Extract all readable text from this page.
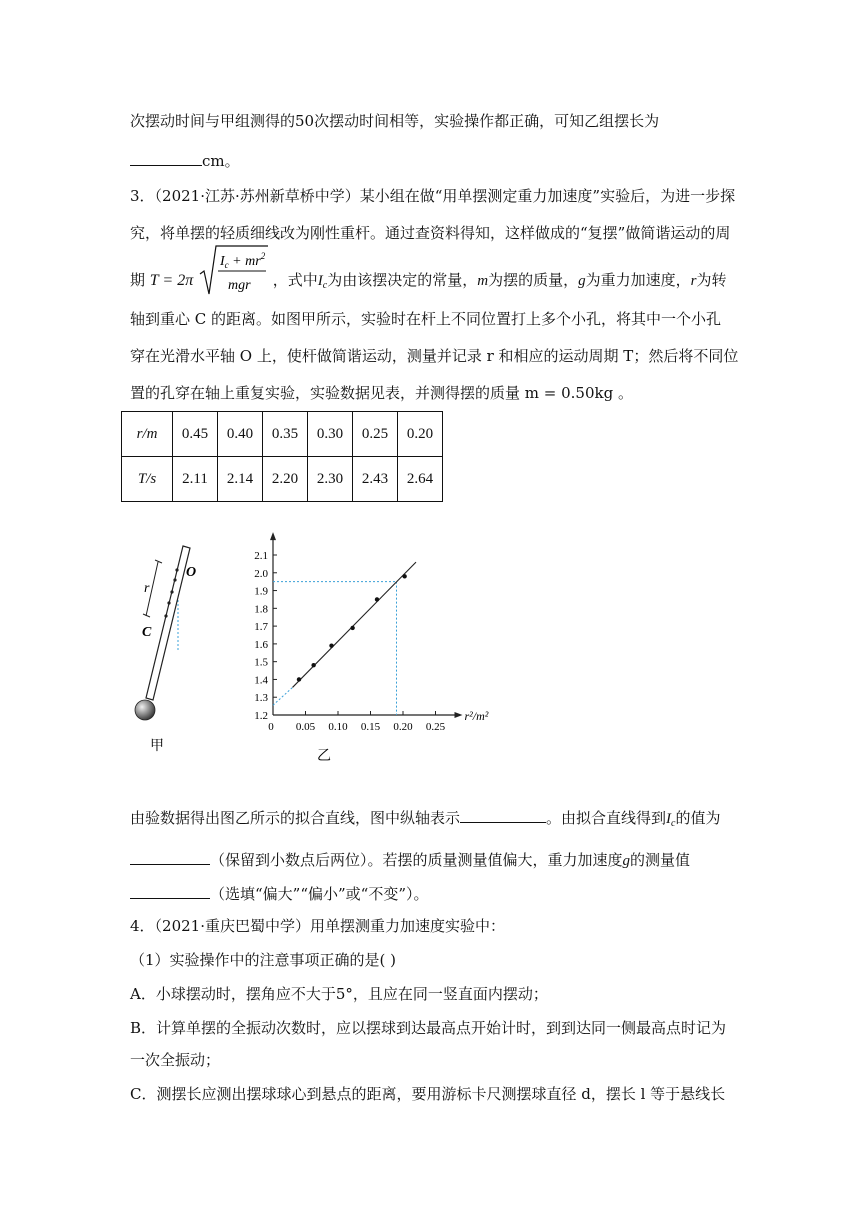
次摆动时间与甲组测得的50次摆动时间相等，实验操作都正确，可知乙组摆长为
cm。
3．（2021·江苏·苏州新草桥中学）某小组在做“用单摆测定重力加速度”实验后，为进一步探
究，将单摆的轻质细线改为刚性重杆。通过查资料得知，这样做成的“复摆”做简谐运动的周
期 T = 2π
$I_c + mr^2$
mgr ，式中$I_c$为由该摆决定的常量，m为摆的质量，g为重力加速度，r为转
轴到重心 C 的距离。如图甲所示，实验时在杆上不同位置打上多个小孔，将其中一个小孔
穿在光滑水平轴 O 上，使杆做简谐运动，测量并记录 r 和相应的运动周期 T；然后将不同位
置的孔穿在轴上重复实验，实验数据见表，并测得摆的质量 m = 0.50kg 。
r/m	0.45	0.40	0.35	0.30	0.25	0.20
T/s	2.11	2.14	2.20	2.30	2.43	2.64
r
O
C
甲
1.2
1.3
1.4
1.5
1.6
1.7
1.8
1.9
2.0
2.1
0 0.05 0.10 0.15 0.20 0.25
r²/m²
乙
由验数据得出图乙所示的拟合直线，图中纵轴表示	。由拟合直线得到$I_c$的值为
（保留到小数点后两位）。若摆的质量测量值偏大，重力加速度g的测量值
（选填“偏大”“偏小”或“不变”）。
4．（2021·重庆巴蜀中学）用单摆测重力加速度实验中：
（1）实验操作中的注意事项正确的是( )
A．小球摆动时，摆角应不大于5°，且应在同一竖直面内摆动；
B．计算单摆的全振动次数时，应以摆球到达最高点开始计时，到到达同一侧最高点时记为
一次全振动；
C．测摆长应测出摆球球心到悬点的距离，要用游标卡尺测摆球直径 d，摆长 l 等于悬线长
